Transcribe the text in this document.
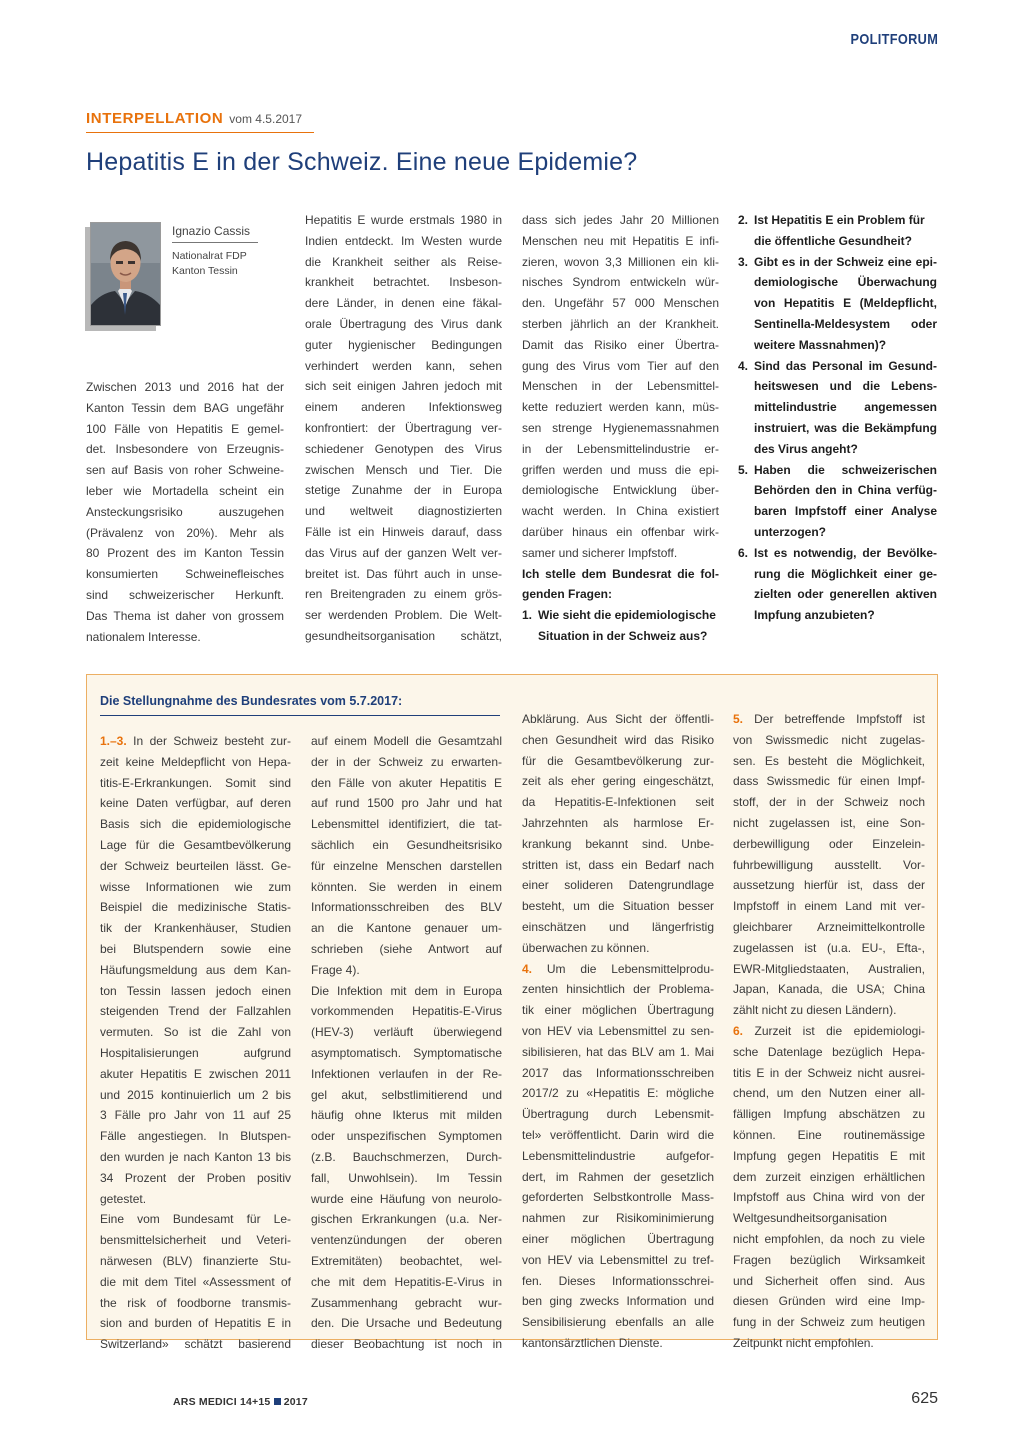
POLITFORUM
INTERPELLATION vom 4.5.2017
Hepatitis E in der Schweiz. Eine neue Epidemie?
Ignazio Cassis
Nationalrat FDP
Kanton Tessin

Zwischen 2013 und 2016 hat der

Kanton Tessin dem BAG ungefähr

100 Fälle von Hepatitis E gemel-

det. Insbesondere von Erzeugnis-

sen auf Basis von roher Schweine-

leber wie Mortadella scheint ein

Ansteckungsrisiko auszugehen

(Prävalenz von 20%). Mehr als

80 Prozent des im Kanton Tessin

konsumierten Schweinefleisches

sind schweizerischer Herkunft.

Das Thema ist daher von grossem

nationalem Interesse.

Hepatitis E wurde erstmals 1980 in

Indien entdeckt. Im Westen wurde

die Krankheit seither als Reise-

krankheit betrachtet. Insbeson-

dere Länder, in denen eine fäkal-

orale Übertragung des Virus dank

guter hygienischer Bedingungen

verhindert werden kann, sehen

sich seit einigen Jahren jedoch mit

einem anderen Infektionsweg

konfrontiert: der Übertragung ver-

schiedener Genotypen des Virus

zwischen Mensch und Tier. Die

stetige Zunahme der in Europa

und weltweit diagnostizierten

Fälle ist ein Hinweis darauf, dass

das Virus auf der ganzen Welt ver-

breitet ist. Das führt auch in unse-

ren Breitengraden zu einem grös-

ser werdenden Problem. Die Welt-

gesundheitsorganisation schätzt,

dass sich jedes Jahr 20 Millionen

Menschen neu mit Hepatitis E infi-

zieren, wovon 3,3 Millionen ein kli-

nisches Syndrom entwickeln wür-

den. Ungefähr 57 000 Menschen

sterben jährlich an der Krankheit.

Damit das Risiko einer Übertra-

gung des Virus vom Tier auf den

Menschen in der Lebensmittel-

kette reduziert werden kann, müs-

sen strenge Hygienemassnahmen

in der Lebensmittelindustrie er-

griffen werden und muss die epi-

demiologische Entwicklung über-

wacht werden. In China existiert

darüber hinaus ein offenbar wirk-

samer und sicherer Impfstoff.

Ich stelle dem Bundesrat die fol-

genden Fragen:

1. Wie sieht die epidemiologische
Situation in der Schweiz aus?
2. Ist Hepatitis E ein Problem für
die öffentliche Gesundheit?
3. Gibt es in der Schweiz eine epi-
demiologische Überwachung
von Hepatitis E (Meldepflicht,
Sentinella-Meldesystem oder
weitere Massnahmen)?
4. Sind das Personal im Gesund-
heitswesen und die Lebens-
mittelindustrie angemessen
instruiert, was die Bekämpfung
des Virus angeht?
5. Haben die schweizerischen
Behörden den in China verfüg-
baren Impfstoff einer Analyse
unterzogen?
6. Ist es notwendig, der Bevölke-
rung die Möglichkeit einer ge-
zielten oder generellen aktiven
Impfung anzubieten?
Die Stellungnahme des Bundesrates vom 5.7.2017:

1.–3. In der Schweiz besteht zur-

zeit keine Meldepflicht von Hepa-

titis-E-Erkrankungen. Somit sind

keine Daten verfügbar, auf deren

Basis sich die epidemiologische

Lage für die Gesamtbevölkerung

der Schweiz beurteilen lässt. Ge-

wisse Informationen wie zum

Beispiel die medizinische Statis-

tik der Krankenhäuser, Studien

bei Blutspendern sowie eine

Häufungsmeldung aus dem Kan-

ton Tessin lassen jedoch einen

steigenden Trend der Fallzahlen

vermuten. So ist die Zahl von

Hospitalisierungen aufgrund

akuter Hepatitis E zwischen 2011

und 2015 kontinuierlich um 2 bis

3 Fälle pro Jahr von 11 auf 25

Fälle angestiegen. In Blutspen-

den wurden je nach Kanton 13 bis

34 Prozent der Proben positiv

getestet.

Eine vom Bundesamt für Le-

bensmittelsicherheit und Veteri-

närwesen (BLV) finanzierte Stu-

die mit dem Titel «Assessment of

the risk of foodborne transmis-

sion and burden of Hepatitis E in

Switzerland» schätzt basierend

auf einem Modell die Gesamtzahl

der in der Schweiz zu erwarten-

den Fälle von akuter Hepatitis E

auf rund 1500 pro Jahr und hat

Lebensmittel identifiziert, die tat-

sächlich ein Gesundheitsrisiko

für einzelne Menschen darstellen

könnten. Sie werden in einem

Informationsschreiben des BLV

an die Kantone genauer um-

schrieben (siehe Antwort auf

Frage 4).

Die Infektion mit dem in Europa

vorkommenden Hepatitis-E-Virus

(HEV-3) verläuft überwiegend

asymptomatisch. Symptomatische

Infektionen verlaufen in der Re-

gel akut, selbstlimitierend und

häufig ohne Ikterus mit milden

oder unspezifischen Symptomen

(z.B. Bauchschmerzen, Durch-

fall, Unwohlsein). Im Tessin

wurde eine Häufung von neurolo-

gischen Erkrankungen (u.a. Ner-

ventenzündungen der oberen

Extremitäten) beobachtet, wel-

che mit dem Hepatitis-E-Virus in

Zusammenhang gebracht wur-

den. Die Ursache und Bedeutung

dieser Beobachtung ist noch in

Abklärung. Aus Sicht der öffentli-

chen Gesundheit wird das Risiko

für die Gesamtbevölkerung zur-

zeit als eher gering eingeschätzt,

da Hepatitis-E-Infektionen seit

Jahrzehnten als harmlose Er-

krankung bekannt sind. Unbe-

stritten ist, dass ein Bedarf nach

einer solideren Datengrundlage

besteht, um die Situation besser

einschätzen und längerfristig

überwachen zu können.

4. Um die Lebensmittelprodu-

zenten hinsichtlich der Problema-

tik einer möglichen Übertragung

von HEV via Lebensmittel zu sen-

sibilisieren, hat das BLV am 1. Mai

2017 das Informationsschreiben

2017/2 zu «Hepatitis E: mögliche

Übertragung durch Lebensmit-

tel» veröffentlicht. Darin wird die

Lebensmittelindustrie aufgefor-

dert, im Rahmen der gesetzlich

geforderten Selbstkontrolle Mass-

nahmen zur Risikominimierung

einer möglichen Übertragung

von HEV via Lebensmittel zu tref-

fen. Dieses Informationsschrei-

ben ging zwecks Information und

Sensibilisierung ebenfalls an alle

kantonsärztlichen Dienste.

5. Der betreffende Impfstoff ist

von Swissmedic nicht zugelas-

sen. Es besteht die Möglichkeit,

dass Swissmedic für einen Impf-

stoff, der in der Schweiz noch

nicht zugelassen ist, eine Son-

derbewilligung oder Einzelein-

fuhrbewilligung ausstellt. Vor-

aussetzung hierfür ist, dass der

Impfstoff in einem Land mit ver-

gleichbarer Arzneimittelkontrolle

zugelassen ist (u.a. EU-, Efta-,

EWR-Mitgliedstaaten, Australien,

Japan, Kanada, die USA; China

zählt nicht zu diesen Ländern).

6. Zurzeit ist die epidemiologi-

sche Datenlage bezüglich Hepa-

titis E in der Schweiz nicht ausrei-

chend, um den Nutzen einer all-

fälligen Impfung abschätzen zu

können. Eine routinemässige

Impfung gegen Hepatitis E mit

dem zurzeit einzigen erhältlichen

Impfstoff aus China wird von der

Weltgesundheitsorganisation

nicht empfohlen, da noch zu viele

Fragen bezüglich Wirksamkeit

und Sicherheit offen sind. Aus

diesen Gründen wird eine Imp-

fung in der Schweiz zum heutigen

Zeitpunkt nicht empfohlen.

ARS MEDICI 14+15 2017	625
